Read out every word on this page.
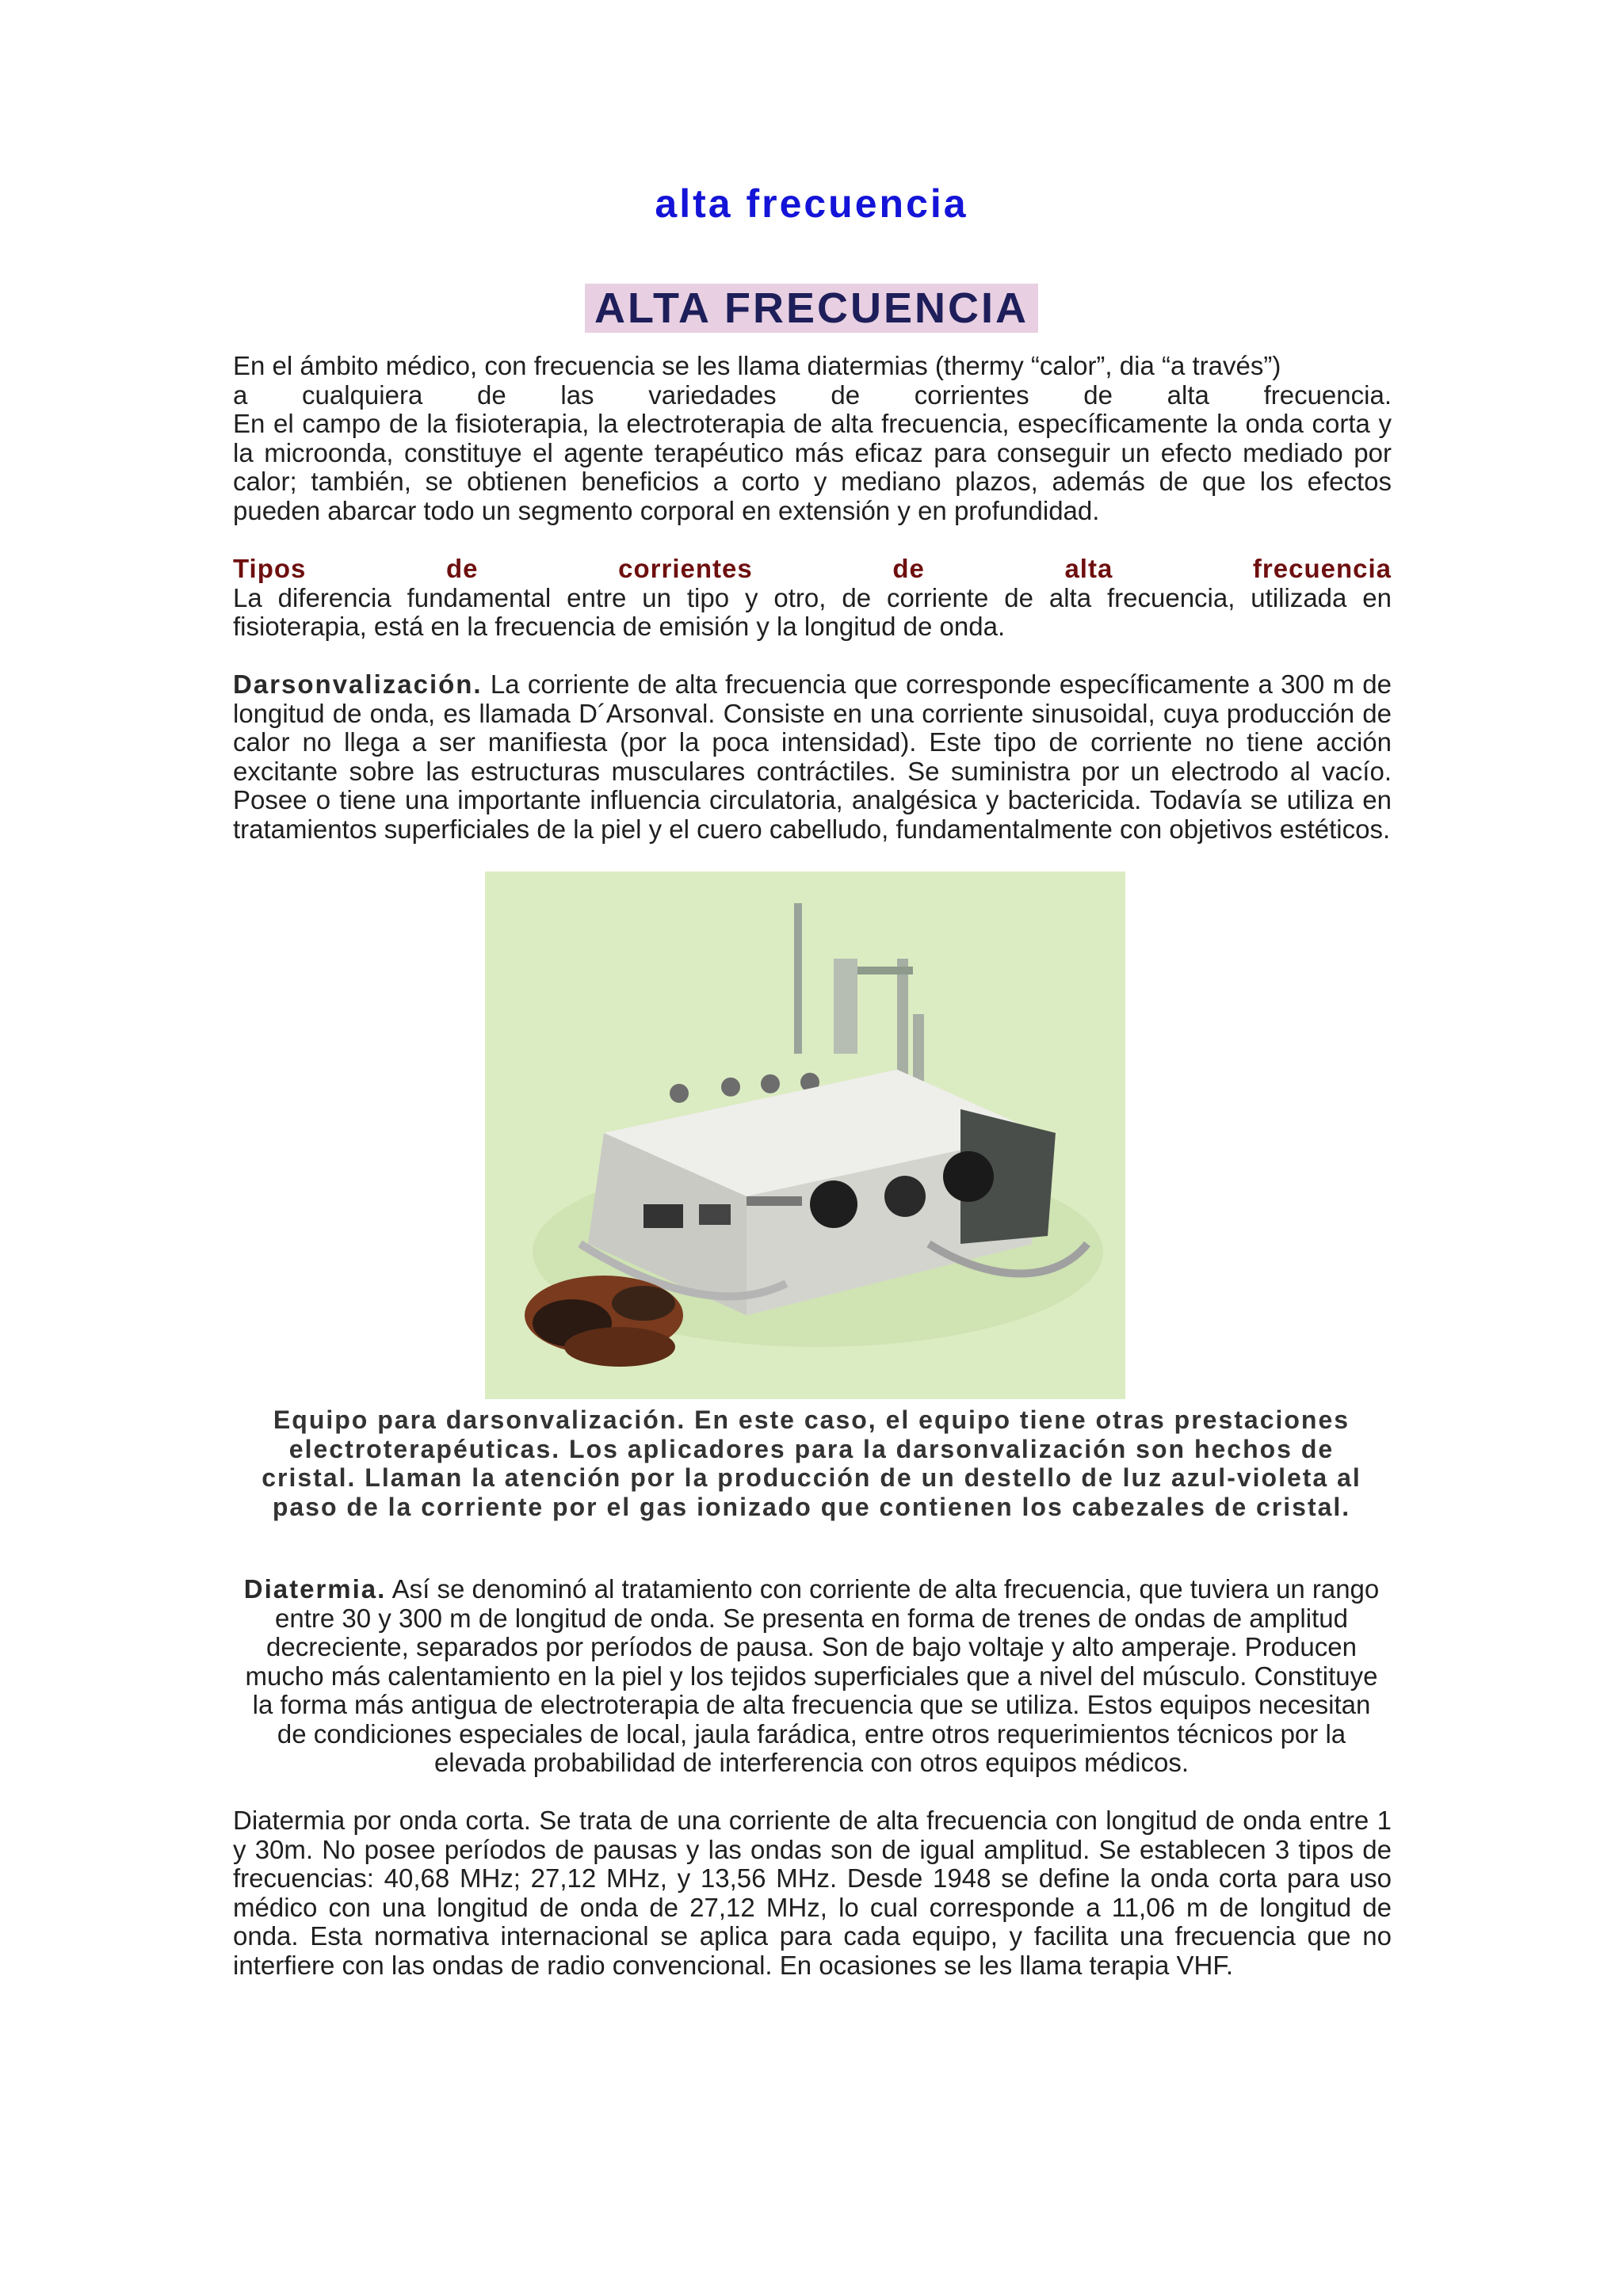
alta frecuencia
ALTA FRECUENCIA

En el ámbito médico, con frecuencia se les llama diatermias (thermy “calor”, dia “a través”)

a cualquiera de las variedades de corrientes de alta frecuencia.

En el campo de la fisioterapia, la electroterapia de alta frecuencia, específicamente la onda corta y la microonda, constituye el agente terapéutico más eficaz para conseguir un efecto mediado por calor; también, se obtienen beneficios a corto y mediano plazos, además de que los efectos pueden abarcar todo un segmento corporal en extensión y en profundidad.

Tipos de corrientes de alta frecuencia

La diferencia fundamental entre un tipo y otro, de corriente de alta frecuencia, utilizada en fisioterapia, está en la frecuencia de emisión y la longitud de onda.

Darsonvalización. La corriente de alta frecuencia que corresponde específicamente a 300 m de longitud de onda, es llamada D´Arsonval. Consiste en una corriente sinusoidal, cuya producción de calor no llega a ser manifiesta (por la poca intensidad). Este tipo de corriente no tiene acción excitante sobre las estructuras musculares contráctiles. Se suministra por un electrodo al vacío. Posee o tiene una importante influencia circulatoria, analgésica y bactericida. Todavía se utiliza en tratamientos superficiales de la piel y el cuero cabelludo, fundamentalmente con objetivos estéticos.

Equipo para darsonvalización. En este caso, el equipo tiene otras prestaciones electroterapéuticas. Los aplicadores para la darsonvalización son hechos de cristal. Llaman la atención por la producción de un destello de luz azul-violeta al paso de la corriente por el gas ionizado que contienen los cabezales de cristal.

Diatermia. Así se denominó al tratamiento con corriente de alta frecuencia, que tuviera un rango entre 30 y 300 m de longitud de onda. Se presenta en forma de trenes de ondas de amplitud decreciente, separados por períodos de pausa. Son de bajo voltaje y alto amperaje. Producen mucho más calentamiento en la piel y los tejidos superficiales que a nivel del músculo. Constituye la forma más antigua de electroterapia de alta frecuencia que se utiliza. Estos equipos necesitan de condiciones especiales de local, jaula farádica, entre otros requerimientos técnicos por la elevada probabilidad de interferencia con otros equipos médicos.

Diatermia por onda corta. Se trata de una corriente de alta frecuencia con longitud de onda entre 1 y 30m. No posee períodos de pausas y las ondas son de igual amplitud. Se establecen 3 tipos de frecuencias: 40,68 MHz; 27,12 MHz, y 13,56 MHz. Desde 1948 se define la onda corta para uso médico con una longitud de onda de 27,12 MHz, lo cual corresponde a 11,06 m de longitud de onda. Esta normativa internacional se aplica para cada equipo, y facilita una frecuencia que no interfiere con las ondas de radio convencional. En ocasiones se les llama terapia VHF.
